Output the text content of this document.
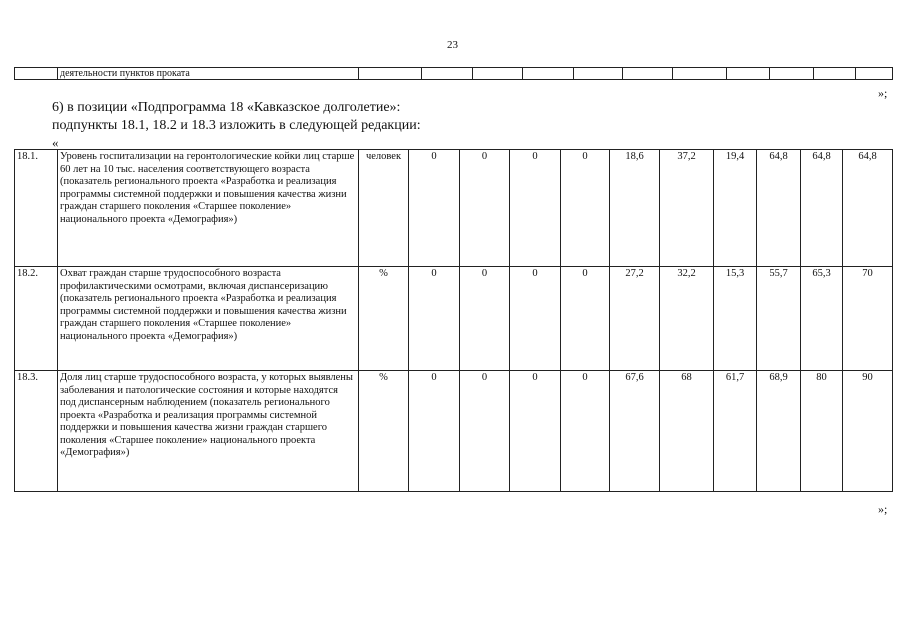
23
	деятельности пунктов проката											
»;
6) в позиции «Подпрограмма 18 «Кавказское долголетие»:
подпункты 18.1, 18.2 и 18.3 изложить в следующей редакции:
«
18.1.	Уровень госпитализации на геронтологические койки лиц старше 60 лет на 10 тыс. населения соответствующего возраста (показатель регионального проекта «Разработка и реализация программы системной поддержки и повышения качества жизни граждан старшего поколения «Старшее поколение» национального проекта «Демография»)	человек	0	0	0	0	18,6	37,2	19,4	64,8	64,8	64,8
18.2.	Охват граждан старше трудоспособного возраста профилактическими осмотрами, включая диспансеризацию (показатель регионального проекта «Разработка и реализация программы системной поддержки и повышения качества жизни граждан старшего поколения «Старшее поколение» национального проекта «Демография»)	%	0	0	0	0	27,2	32,2	15,3	55,7	65,3	70
18.3.	Доля лиц старше трудоспособного возраста, у которых выявлены заболевания и патологические состояния и которые находятся под диспансерным наблюдением (показатель регионального проекта «Разработка и реализация программы системной поддержки и повышения качества жизни граждан старшего поколения «Старшее поколение» национального проекта «Демография»)	%	0	0	0	0	67,6	68	61,7	68,9	80	90
»;
